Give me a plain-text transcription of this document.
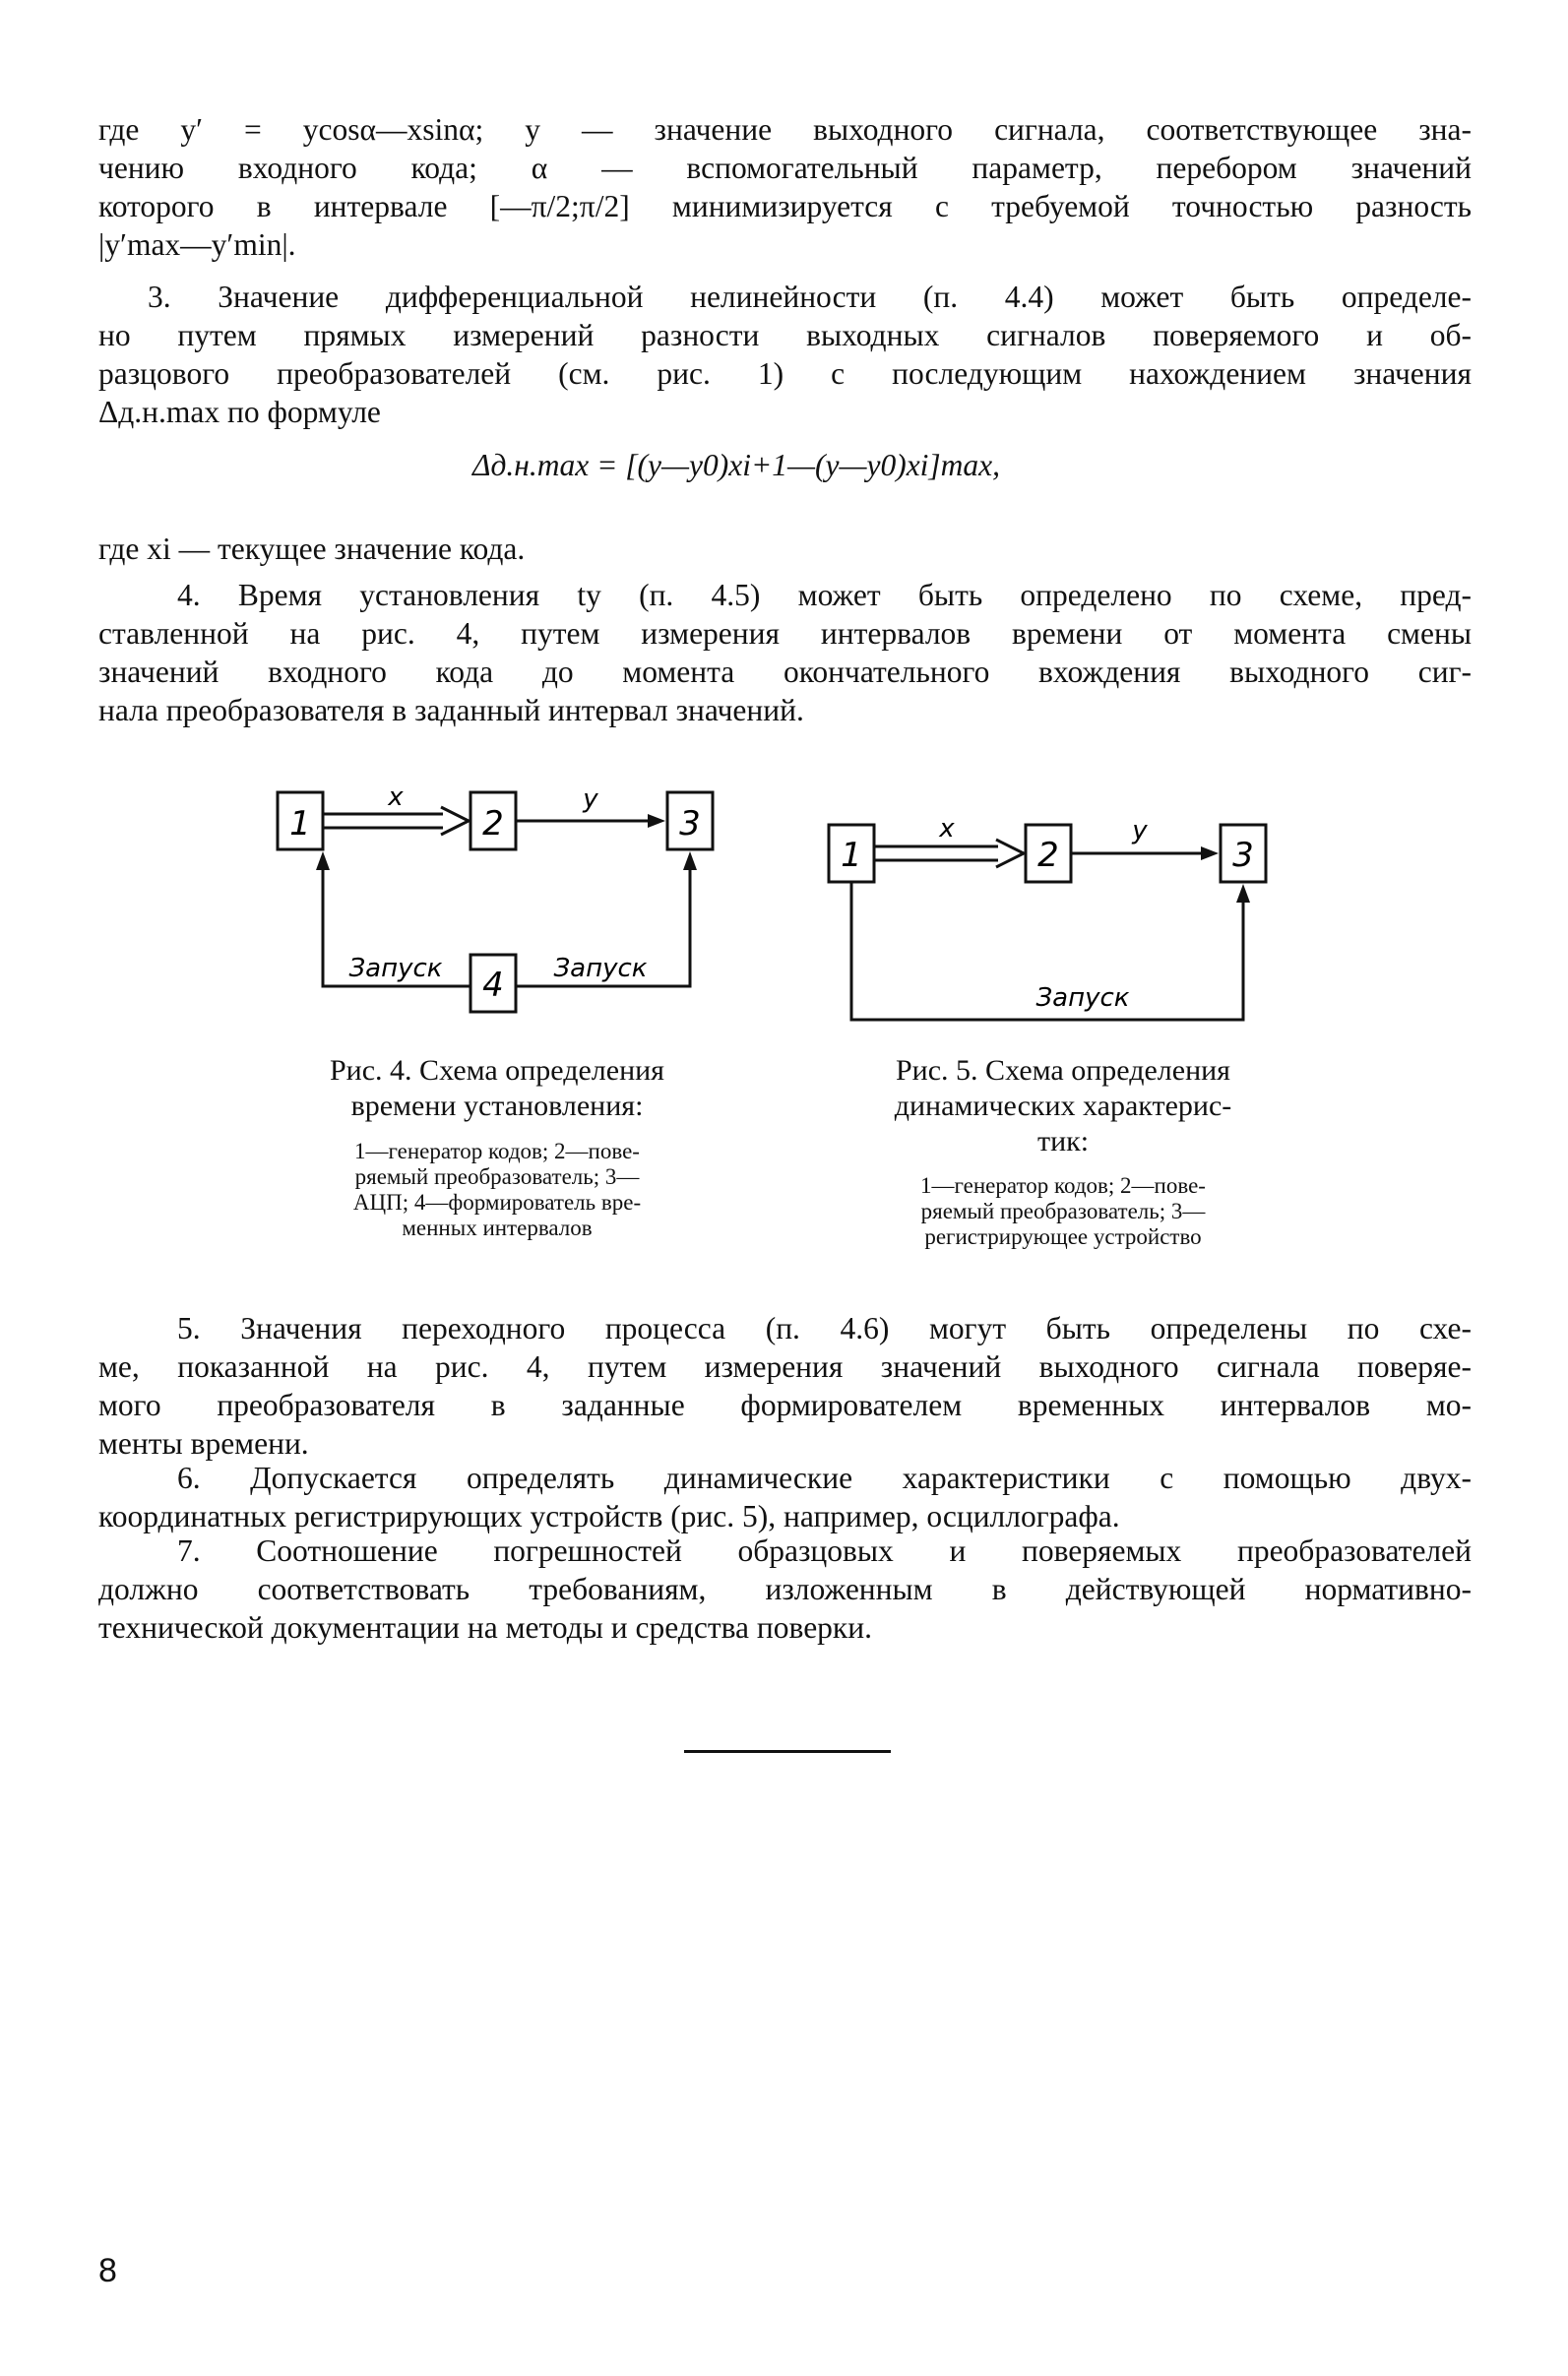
где y′ = ycosα—xsinα; y — значение выходного сигнала, соответствующее зна-
чению входного кода; α — вспомогательный параметр, перебором значений
которого в интервале [—π/2;π/2] минимизируется с требуемой точностью разность
|y′max—y′min|.
3. Значение дифференциальной нелинейности (п. 4.4) может быть определе-
но путем прямых измерений разности выходных сигналов поверяемого и об-
разцового преобразователей (см. рис. 1) с последующим нахождением значения
Δд.н.max по формуле
Δд.н.max = [(y—y0)xi+1—(y—y0)xi]max,
где xi — текущее значение кода.
4. Время установления tу (п. 4.5) может быть определено по схеме, пред-
ставленной на рис. 4, путем измерения интервалов времени от момента смены
значений входного кода до момента окончательного вхождения выходного сиг-
нала преобразователя в заданный интервал значений.
1	2	3
4
x	y
Запуск	Запуск
Рис. 4. Схема определения
времени установления:
1—генератор кодов; 2—пове-
ряемый преобразователь; 3—
АЦП; 4—формирователь вре-
менных интервалов
1	2	3
x	y
Запуск
Рис. 5. Схема определения
динамических характерис-
тик:
1—генератор кодов; 2—пове-
ряемый преобразователь; 3—
регистрирующее устройство
5. Значения переходного процесса (п. 4.6) могут быть определены по схе-
ме, показанной на рис. 4, путем измерения значений выходного сигнала поверяе-
мого преобразователя в заданные формирователем временных интервалов мо-
менты времени.
6. Допускается определять динамические характеристики с помощью двух-
координатных регистрирующих устройств (рис. 5), например, осциллографа.
7. Соотношение погрешностей образцовых и поверяемых преобразователей
должно соответствовать требованиям, изложенным в действующей нормативно-
технической документации на методы и средства поверки.
8
